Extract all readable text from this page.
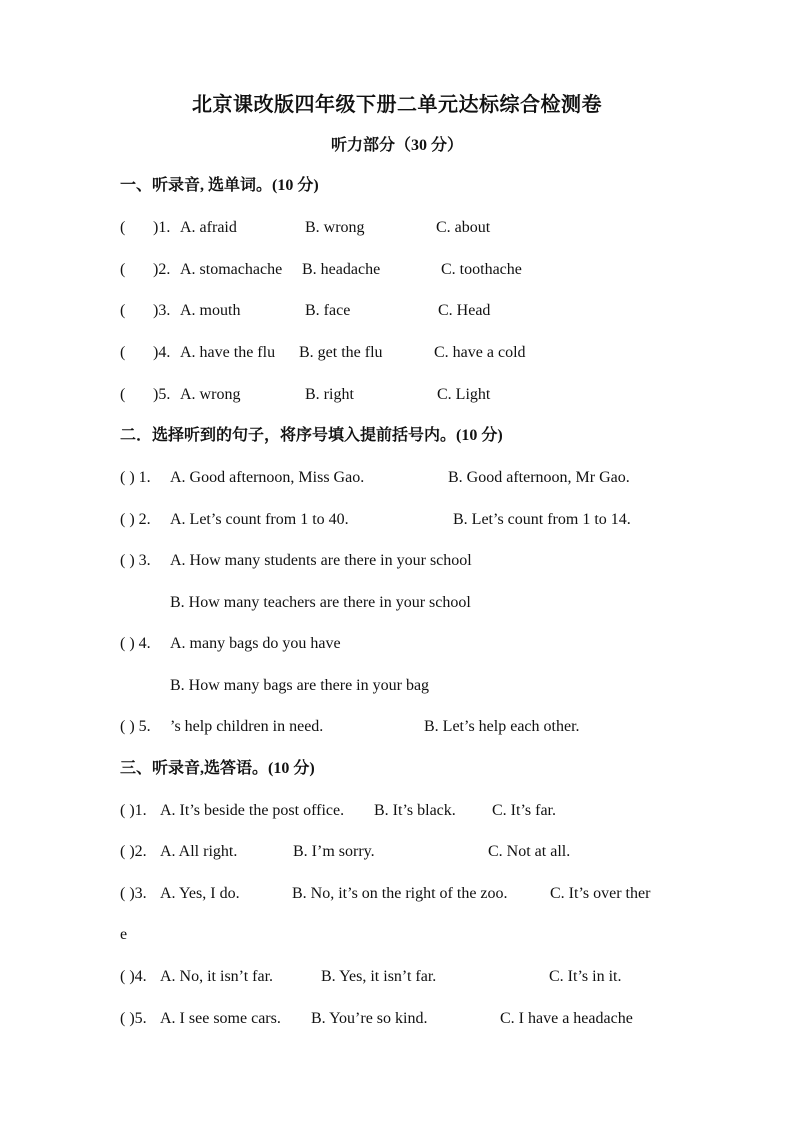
北京课改版四年级下册二单元达标综合检测卷
听力部分（30 分）
一、听录音, 选单词。(10 分)
( )1. A. afraid	B. wrong	C. about
( )2. A. stomachache B. headache	C. toothache
( )3. A. mouth	B. face	C. Head
( )4. A. have the flu B. get the flu	C. have a cold
( )5. A. wrong	B. right	C. Light
二．选择听到的句子，将序号填入提前括号内。(10 分)
( ) 1. A. Good afternoon, Miss Gao.	B. Good afternoon, Mr Gao.
( ) 2. A. Let’s count from 1 to 40.	B. Let’s count from 1 to 14.
( ) 3. A. How many students are there in your school
B. How many teachers are there in your school
( ) 4. A. many bags do you have
B. How many bags are there in your bag
( ) 5. ’s help children in need.	B. Let’s help each other.
三、听录音,选答语。(10 分)
( )1. A. It’s beside the post office. B. It’s black. C. It’s far.
( )2. A. All right.	B. I’m sorry.	C. Not at all.
( )3. A. Yes, I do.	B. No, it’s on the right of the zoo.	C. It’s over ther
e
( )4. A. No, it isn’t far.	B. Yes, it isn’t far.	C. It’s in it.
( )5. A. I see some cars. B. You’re so kind.	C. I have a headache
